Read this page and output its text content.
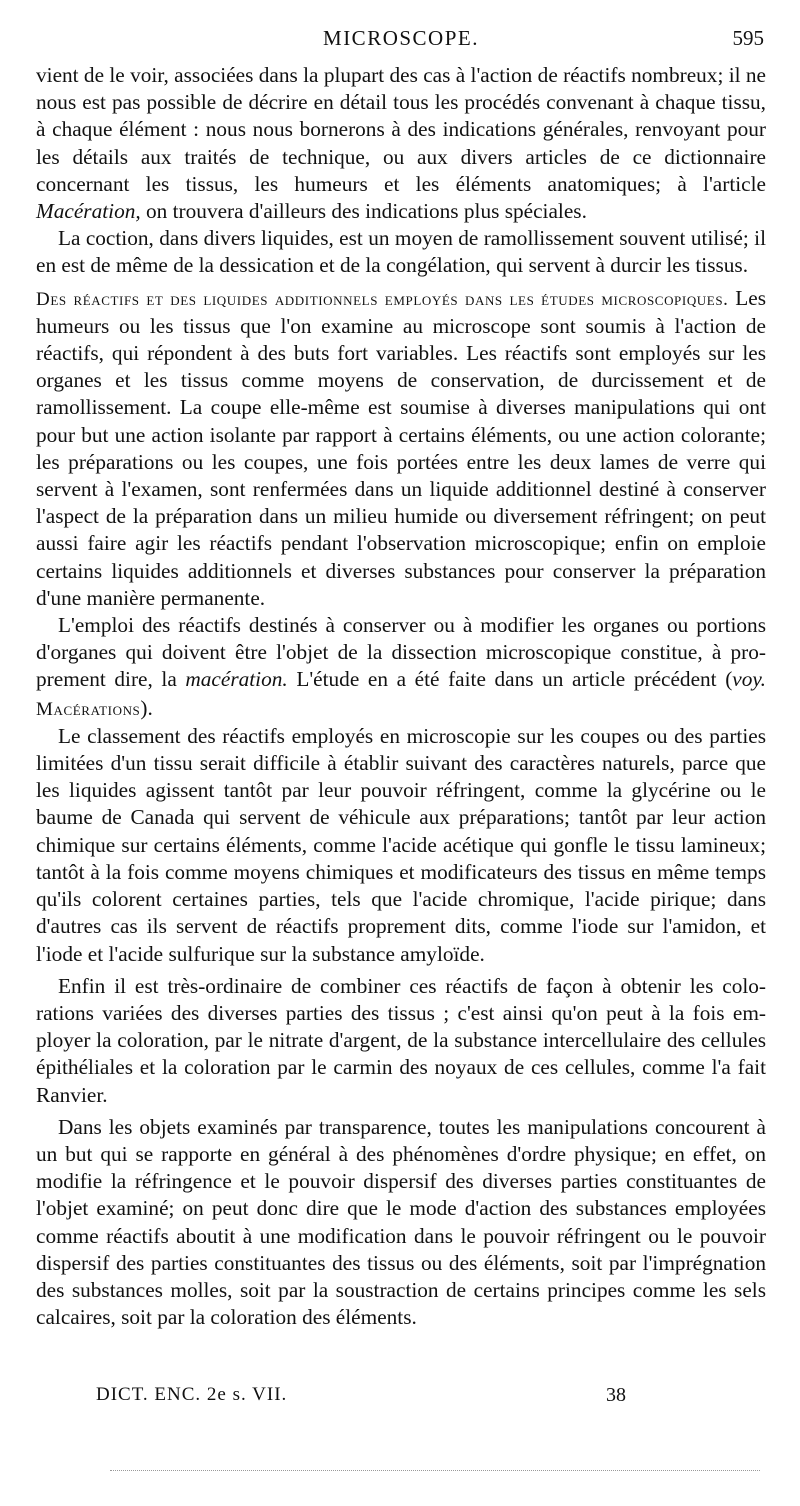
MICROSCOPE.	595

vient de le voir, associées dans la plupart des cas à l'action de réactifs nombreux; il ne nous est pas possible de décrire en détail tous les procédés convenant à chaque tissu, à chaque élément : nous nous bornerons à des indications générales, renvoyant pour les détails aux traités de technique, ou aux divers articles de ce dictionnaire concernant les tissus, les humeurs et les éléments anatomiques; à l'article Macération, on trouvera d'ailleurs des indications plus spéciales.

La coction, dans divers liquides, est un moyen de ramollissement souvent utilisé; il en est de même de la dessication et de la congélation, qui servent à durcir les tissus.

Des réactifs et des liquides additionnels employés dans les études microscopiques. Les humeurs ou les tissus que l'on examine au microscope sont soumis à l'action de réactifs, qui répondent à des buts fort variables. Les réactifs sont employés sur les organes et les tissus comme moyens de conservation, de durcissement et de ramollissement. La coupe elle-même est soumise à diverses manipulations qui ont pour but une action isolante par rapport à certains éléments, ou une action colorante; les préparations ou les coupes, une fois portées entre les deux lames de verre qui servent à l'examen, sont renfermées dans un liquide additionnel destiné à conserver l'aspect de la préparation dans un milieu humide ou diversement réfringent; on peut aussi faire agir les réactifs pendant l'observation microscopique; enfin on emploie certains liquides additionnels et diverses substances pour conserver la préparation d'une manière permanente.

L'emploi des réactifs destinés à conserver ou à modifier les organes ou portions d'organes qui doivent être l'objet de la dissection microscopique constitue, à proprement dire, la macération. L'étude en a été faite dans un article précédent (voy. Macérations).

Le classement des réactifs employés en microscopie sur les coupes ou des parties limitées d'un tissu serait difficile à établir suivant des caractères naturels, parce que les liquides agissent tantôt par leur pouvoir réfringent, comme la glycérine ou le baume de Canada qui servent de véhicule aux préparations; tantôt par leur action chimique sur certains éléments, comme l'acide acétique qui gonfle le tissu lamineux; tantôt à la fois comme moyens chimiques et modificateurs des tissus en même temps qu'ils colorent certaines parties, tels que l'acide chromique, l'acide pirique; dans d'autres cas ils servent de réactifs proprement dits, comme l'iode sur l'amidon, et l'iode et l'acide sulfurique sur la substance amyloïde.

Enfin il est très-ordinaire de combiner ces réactifs de façon à obtenir les colorations variées des diverses parties des tissus ; c'est ainsi qu'on peut à la fois employer la coloration, par le nitrate d'argent, de la substance intercellulaire des cellules épithéliales et la coloration par le carmin des noyaux de ces cellules, comme l'a fait Ranvier.

Dans les objets examinés par transparence, toutes les manipulations concourent à un but qui se rapporte en général à des phénomènes d'ordre physique; en effet, on modifie la réfringence et le pouvoir dispersif des diverses parties constituantes de l'objet examiné; on peut donc dire que le mode d'action des substances employées comme réactifs aboutit à une modification dans le pouvoir réfringent ou le pouvoir dispersif des parties constituantes des tissus ou des éléments, soit par l'imprégnation des substances molles, soit par la soustraction de certains principes comme les sels calcaires, soit par la coloration des éléments.

DICT. ENC. 2e s. VII.	38
